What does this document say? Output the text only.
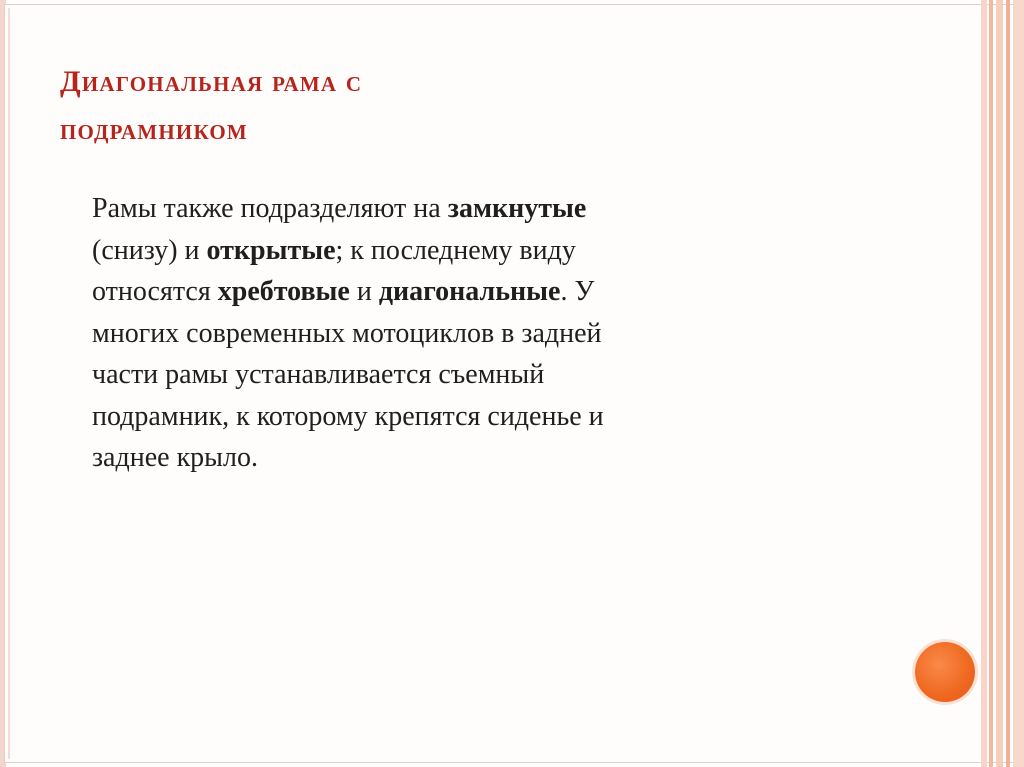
Диагональная рама с
подрамником
Рамы также подразделяют на замкнутые
(снизу) и открытые; к последнему виду
относятся хребтовые и диагональные. У
многих современных мотоциклов в задней
части рамы устанавливается съемный
подрамник, к которому крепятся сиденье и
заднее крыло.
